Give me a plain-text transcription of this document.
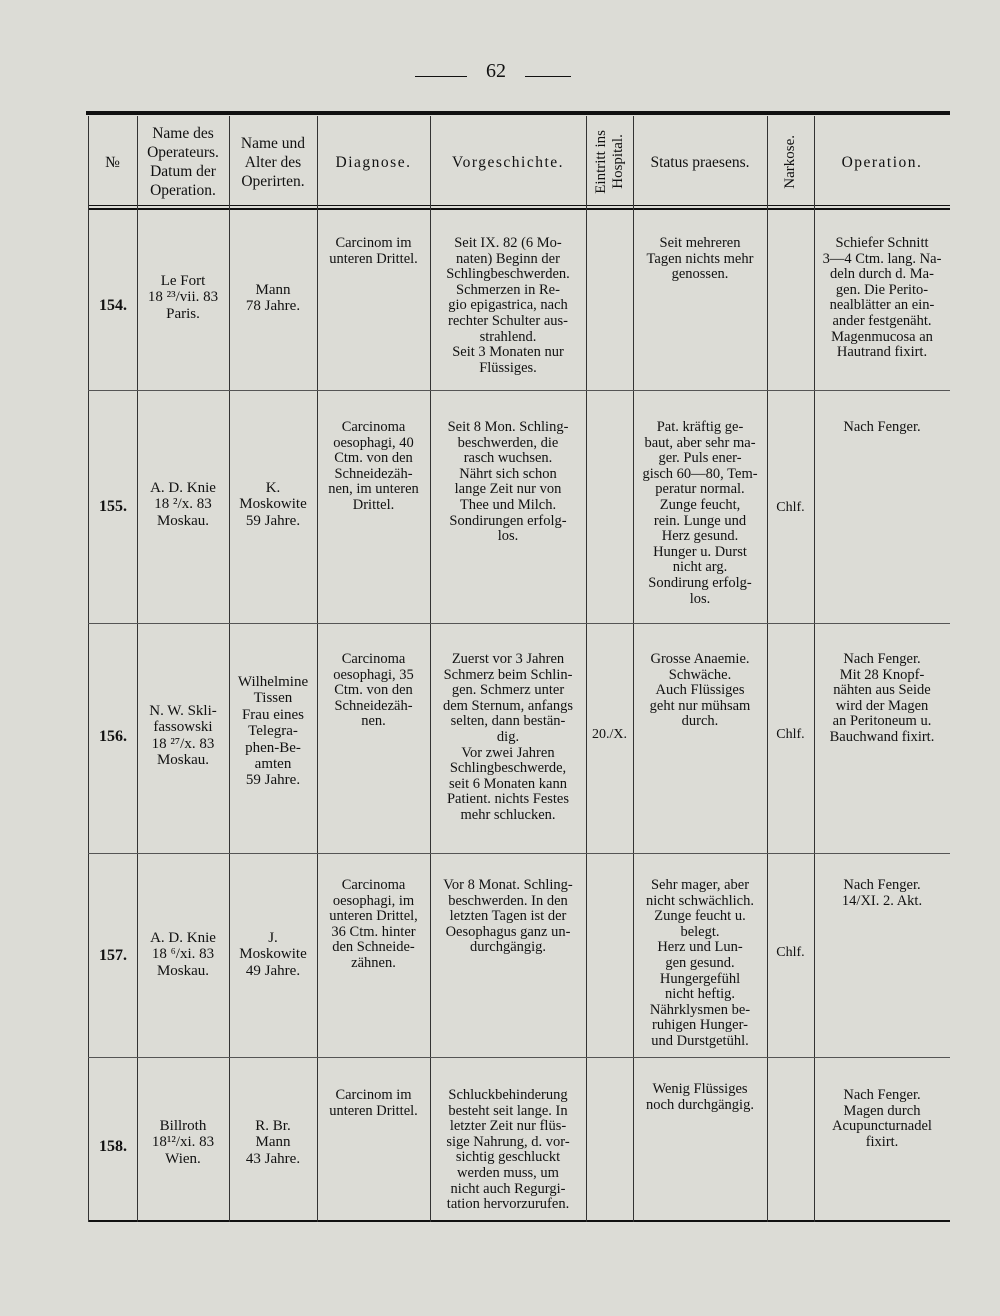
62
№
Name des
Operateurs.
Datum der
Operation.
Name und
Alter des
Operirten.
Diagnose.	Vorgeschichte. Eintritt ins
Hospital. Status praesens. Narkose.	Operation.
154.
Le Fort
18 ²³/vii. 83
Paris.
Mann
78 Jahre.
Carcinom im
unteren Drittel.
Seit IX. 82 (6 Mo-
naten) Beginn der
Schlingbeschwerden.
Schmerzen in Re-
gio epigastrica, nach
rechter Schulter aus-
strahlend.
Seit 3 Monaten nur
Flüssiges.
Seit mehreren
Tagen nichts mehr
genossen.
Schiefer Schnitt
3—4 Ctm. lang. Na-
deln durch d. Ma-
gen. Die Perito-
nealblätter an ein-
ander festgenäht.
Magenmucosa an
Hautrand fixirt.
155.
A. D. Knie
18 ²/x. 83
Moskau.
K.
Moskowite
59 Jahre.
Carcinoma
oesophagi, 40
Ctm. von den
Schneidezäh-
nen, im unteren
Drittel.
Seit 8 Mon. Schling-
beschwerden, die
rasch wuchsen.
Nährt sich schon
lange Zeit nur von
Thee und Milch.
Sondirungen erfolg-
los.
Pat. kräftig ge-
baut, aber sehr ma-
ger. Puls ener-
gisch 60—80, Tem-
peratur normal.
Zunge feucht,
rein. Lunge und
Herz gesund.
Hunger u. Durst
nicht arg.
Sondirung erfolg-
los.
Chlf.
Nach Fenger.
156.
N. W. Skli-
fassowski
18 ²⁷/x. 83
Moskau.
Wilhelmine
Tissen
Frau eines
Telegra-
phen-Be-
amten
59 Jahre.
Carcinoma
oesophagi, 35
Ctm. von den
Schneidezäh-
nen.
Zuerst vor 3 Jahren
Schmerz beim Schlin-
gen. Schmerz unter
dem Sternum, anfangs
selten, dann bestän-
dig.
Vor zwei Jahren
Schlingbeschwerde,
seit 6 Monaten kann
Patient. nichts Festes
mehr schlucken.
20./X.
Grosse Anaemie.
Schwäche.
Auch Flüssiges
geht nur mühsam
durch.
Chlf.
Nach Fenger.
Mit 28 Knopf-
nähten aus Seide
wird der Magen
an Peritoneum u.
Bauchwand fixirt.
157.
A. D. Knie
18 ⁶/xi. 83
Moskau.
J.
Moskowite
49 Jahre.
Carcinoma
oesophagi, im
unteren Drittel,
36 Ctm. hinter
den Schneide-
zähnen.
Vor 8 Monat. Schling-
beschwerden. In den
letzten Tagen ist der
Oesophagus ganz un-
durchgängig.
Sehr mager, aber
nicht schwächlich.
Zunge feucht u.
belegt.
Herz und Lun-
gen gesund.
Hungergefühl
nicht heftig.
Nährklysmen be-
ruhigen Hunger-
und Durstgetühl.
Chlf.
Nach Fenger.
14/XI. 2. Akt.
158.
Billroth
18¹²/xi. 83
Wien.
R. Br.
Mann
43 Jahre.
Carcinom im
unteren Drittel.
Schluckbehinderung
besteht seit lange. In
letzter Zeit nur flüs-
sige Nahrung, d. vor-
sichtig geschluckt
werden muss, um
nicht auch Regurgi-
tation hervorzurufen.
Wenig Flüssiges
noch durchgängig.
Nach Fenger.
Magen durch
Acupuncturnadel
fixirt.
